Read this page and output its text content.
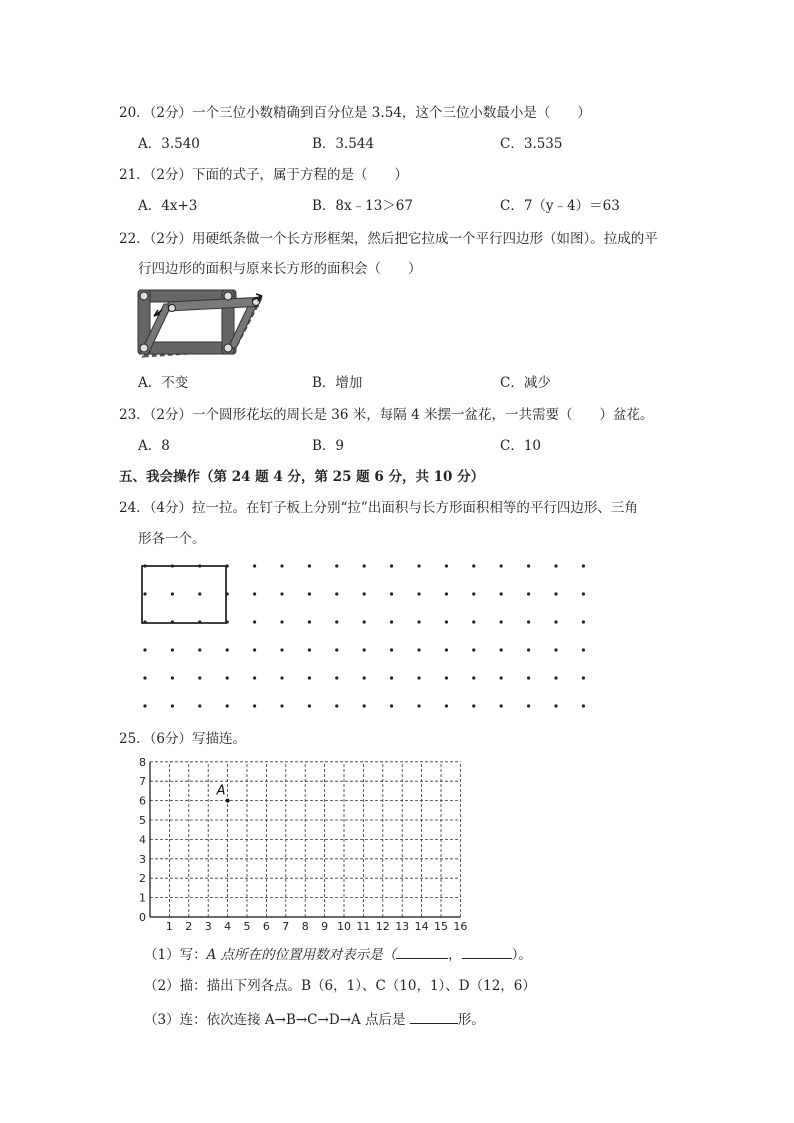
20．（2分）一个三位小数精确到百分位是 3.54，这个三位小数最小是（　　）
A．3.540	B．3.544	C．3.535
21．（2分）下面的式子，属于方程的是（　　）
A．4x+3	B．8x﹣13＞67	C．7（y﹣4）＝63
22．（2分）用硬纸条做一个长方形框架，然后把它拉成一个平行四边形（如图）。拉成的平
行四边形的面积与原来长方形的面积会（　　）
A．不变	B．增加	C．减少
23．（2分）一个圆形花坛的周长是 36 米，每隔 4 米摆一盆花，一共需要（　　）盆花。
A．8	B．9	C．10
五、我会操作（第 24 题 4 分，第 25 题 6 分，共 10 分）
24．（4分）拉一拉。在钉子板上分别“拉”出面积与长方形面积相等的平行四边形、三角
形各一个。
25．（6分）写描连。
1 2 3 4 5 6 7 8 9 10 11 12 13 14 15 16
8
7
6
5
4
3
2
1
0
A
（1）写：A 点所在的位置用数对表示是（	，	）。
（2）描：描出下列各点。B（6，1）、C（10，1）、D（12，6）
（3）连：依次连接 A→B→C→D→A 点后是	形。
